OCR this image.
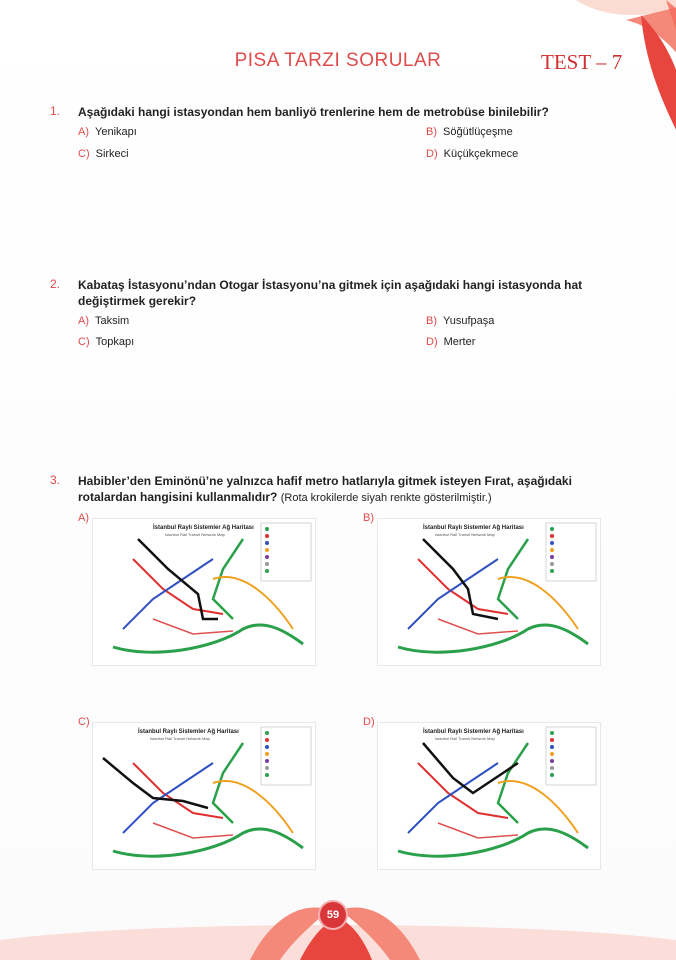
PISA TARZI SORULAR	TEST – 7
1. Aşağıdaki hangi istasyondan hem banliyö trenlerine hem de metrobüse binilebilir?
A) Yenikapı	B) Söğütlüçeşme
C) Sirkeci	D) Küçükçekmece
2. Kabataş İstasyonu’ndan Otogar İstasyonu’na gitmek için aşağıdaki hangi istasyonda hat değiştirmek gerekir?
A) Taksim	B) Yusufpaşa
C) Topkapı	D) Merter
3. Habibler’den Eminönü’ne yalnızca hafif metro hatlarıyla gitmek isteyen Fırat, aşağıdaki rotalardan hangisini kullanmalıdır? (Rota krokilerde siyah renkte gösterilmiştir.)
A)	B)
C)	D)
İstanbul Raylı Sistemler Ağ Haritası
Istanbul Rail Transit Network Map
İstanbul Raylı Sistemler Ağ Haritası
Istanbul Rail Transit Network Map
İstanbul Raylı Sistemler Ağ Haritası
Istanbul Rail Transit Network Map
İstanbul Raylı Sistemler Ağ Haritası
Istanbul Rail Transit Network Map
59
